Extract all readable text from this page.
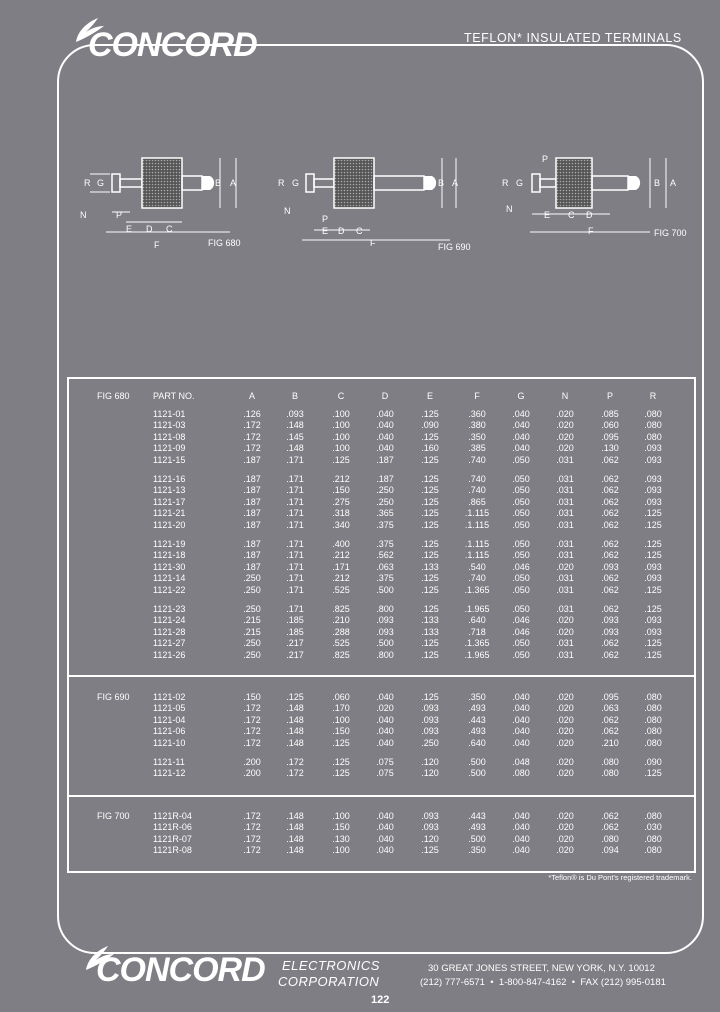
CONCORD	TEFLON* INSULATED TERMINALS
R G
N	P
E D C
F
B A
FIG 680
R G
N
P
E D C
F
B A
FIG 690
P
R G
N
E C D
F
B A
FIG 700
FIG 680	PART NO.	A	B	C	D	E	F	G	N	P	R
1121-01	.126	.093	.100	.040	.125	.360	.040	.020	.085	.080
1121-03	.172	.148	.100	.040	.090	.380	.040	.020	.060	.080
1121-08	.172	.145	.100	.040	.125	.350	.040	.020	.095	.080
1121-09	.172	.148	.100	.040	.160	.385	.040	.020	.130	.093
1121-15	.187	.171	.125	.187	.125	.740	.050	.031	.062	.093
1121-16	.187	.171	.212	.187	.125	.740	.050	.031	.062	.093
1121-13	.187	.171	.150	.250	.125	.740	.050	.031	.062	.093
1121-17	.187	.171	.275	.250	.125	.865	.050	.031	.062	.093
1121-21	.187	.171	.318	.365	.125	.1.115	.050	.031	.062	.125
1121-20	.187	.171	.340	.375	.125	.1.115	.050	.031	.062	.125
1121-19	.187	.171	.400	.375	.125	.1.115	.050	.031	.062	.125
1121-18	.187	.171	.212	.562	.125	.1.115	.050	.031	.062	.125
1121-30	.187	.171	.171	.063	.133	.540	.046	.020	.093	.093
1121-14	.250	.171	.212	.375	.125	.740	.050	.031	.062	.093
1121-22	.250	.171	.525	.500	.125	.1.365	.050	.031	.062	.125
1121-23	.250	.171	.825	.800	.125	.1.965	.050	.031	.062	.125
1121-24	.215	.185	.210	.093	.133	.640	.046	.020	.093	.093
1121-28	.215	.185	.288	.093	.133	.718	.046	.020	.093	.093
1121-27	.250	.217	.525	.500	.125	.1.365	.050	.031	.062	.125
1121-26	.250	.217	.825	.800	.125	.1.965	.050	.031	.062	.125
FIG 690	1121-02	.150	.125	.060	.040	.125	.350	.040	.020	.095	.080
1121-05	.172	.148	.170	.020	.093	.493	.040	.020	.063	.080
1121-04	.172	.148	.100	.040	.093	.443	.040	.020	.062	.080
1121-06	.172	.148	.150	.040	.093	.493	.040	.020	.062	.080
1121-10	.172	.148	.125	.040	.250	.640	.040	.020	.210	.080
1121-11	.200	.172	.125	.075	.120	.500	.048	.020	.080	.090
1121-12	.200	.172	.125	.075	.120	.500	.080	.020	.080	.125
FIG 700	1121R-04	.172	.148	.100	.040	.093	.443	.040	.020	.062	.080
1121R-06	.172	.148	.150	.040	.093	.493	.040	.020	.062	.030
1121R-07	.172	.148	.130	.040	.120	.500	.040	.020	.080	.080
1121R-08	.172	.148	.100	.040	.125	.350	.040	.020	.094	.080
*Teflon® is Du Pont's registered trademark.
CONCORD ELECTRONICS
CORPORATION
30 GREAT JONES STREET, NEW YORK, N.Y. 10012
(212) 777-6571  •  1-800-847-4162  •  FAX (212) 995-0181
122
